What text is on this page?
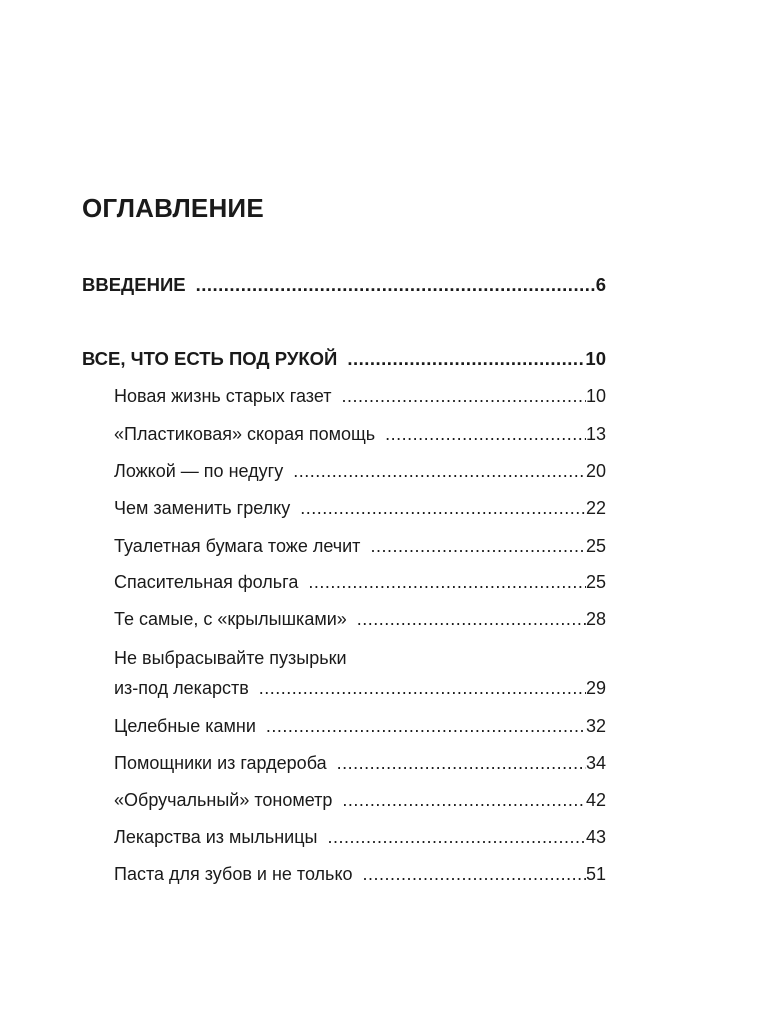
ОГЛАВЛЕНИЕ
ВВЕДЕНИЕ .....	6
ВСЕ, ЧТО ЕСТЬ ПОД РУКОЙ .....	10
Новая жизнь старых газет .....	10
«Пластиковая» скорая помощь .....	13
Ложкой — по недугу .....	20
Чем заменить грелку .....	22
Туалетная бумага тоже лечит .....	25
Спасительная фольга .....	25
Те самые, с «крылышками» .....	28
Не выбрасывайте пузырьки
из-под лекарств .....	29
Целебные камни .....	32
Помощники из гардероба .....	34
«Обручальный» тонометр .....	42
Лекарства из мыльницы .....	43
Паста для зубов и не только .....	51
